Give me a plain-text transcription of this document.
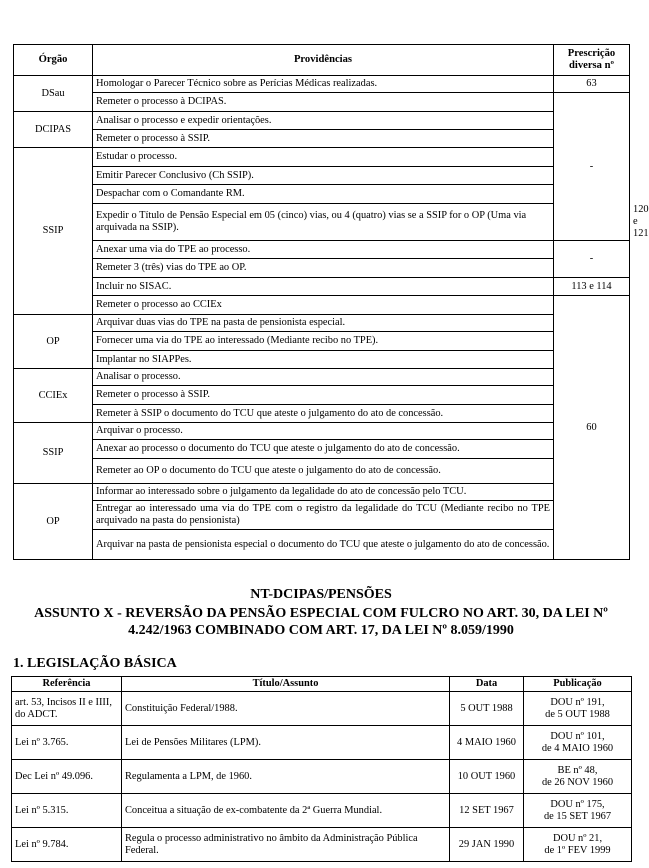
Órgão	Providências	Prescrição
diversa nº	
DSau	Homologar o Parecer Técnico sobre as Perícias Médicas realizadas.	63	
	Remeter o processo à DCIPAS.	-	
DCIPAS	Analisar o processo e expedir orientações.		
	Remeter o processo à SSIP.		
SSIP	Estudar o processo.		
	Emitir Parecer Conclusivo (Ch SSIP).		
	Despachar com o Comandante RM.		
	Expedir o Título de Pensão Especial em 05 (cinco) vias, ou 4 (quatro) vias se a SSIP for o OP (Uma via arquivada na SSIP).		120 e 121
	Anexar uma via do TPE ao processo.	-	
	Remeter 3 (três) vias do TPE ao OP.		
	Incluir no SISAC.	113 e 114	
	Remeter o processo ao CCIEx	60	
OP	Arquivar duas vias do TPE na pasta de pensionista especial.		
	Fornecer uma via do TPE ao interessado (Mediante recibo no TPE).		
	Implantar no SIAPPes.		
CCIEx	Analisar o processo.		
	Remeter o processo à SSIP.		
	Remeter à SSIP o documento do TCU que ateste o julgamento do ato de concessão.		
SSIP	Arquivar o processo.		
	Anexar ao processo o documento do TCU que ateste o julgamento do ato de concessão.		
	Remeter ao OP o documento do TCU que ateste o julgamento do ato de concessão.		
OP	Informar ao interessado sobre o julgamento da legalidade do ato de concessão pelo TCU.		
	Entregar ao interessado uma via do TPE com o registro da legalidade do TCU (Mediante recibo no TPE arquivado na pasta do pensionista)		
	Arquivar na pasta de pensionista especial o documento do TCU que ateste o julgamento do ato de concessão.		
NT-DCIPAS/PENSÕES
ASSUNTO X - REVERSÃO DA PENSÃO ESPECIAL COM FULCRO NO ART. 30, DA LEI Nº
4.242/1963 COMBINADO COM ART. 17, DA LEI Nº 8.059/1990
1. LEGISLAÇÃO BÁSICA
Referência	Título/Assunto	Data	Publicação
art. 53, Incisos II e IIII, do ADCT.	Constituição Federal/1988.	5 OUT 1988	DOU nº 191,
de 5 OUT 1988
Lei nº 3.765.	Lei de Pensões Militares (LPM).	4 MAIO 1960	DOU nº 101,
de 4 MAIO 1960
Dec Lei nº 49.096.	Regulamenta a LPM, de 1960.	10 OUT 1960	BE nº 48,
de 26 NOV 1960
Lei nº 5.315.	Conceitua a situação de ex-combatente da 2ª Guerra Mundial.	12 SET 1967	DOU nº 175,
de 15 SET 1967
Lei nº 9.784.	Regula o processo administrativo no âmbito da Administração Pública Federal.	29 JAN 1990	DOU nº 21,
de 1º FEV 1999
